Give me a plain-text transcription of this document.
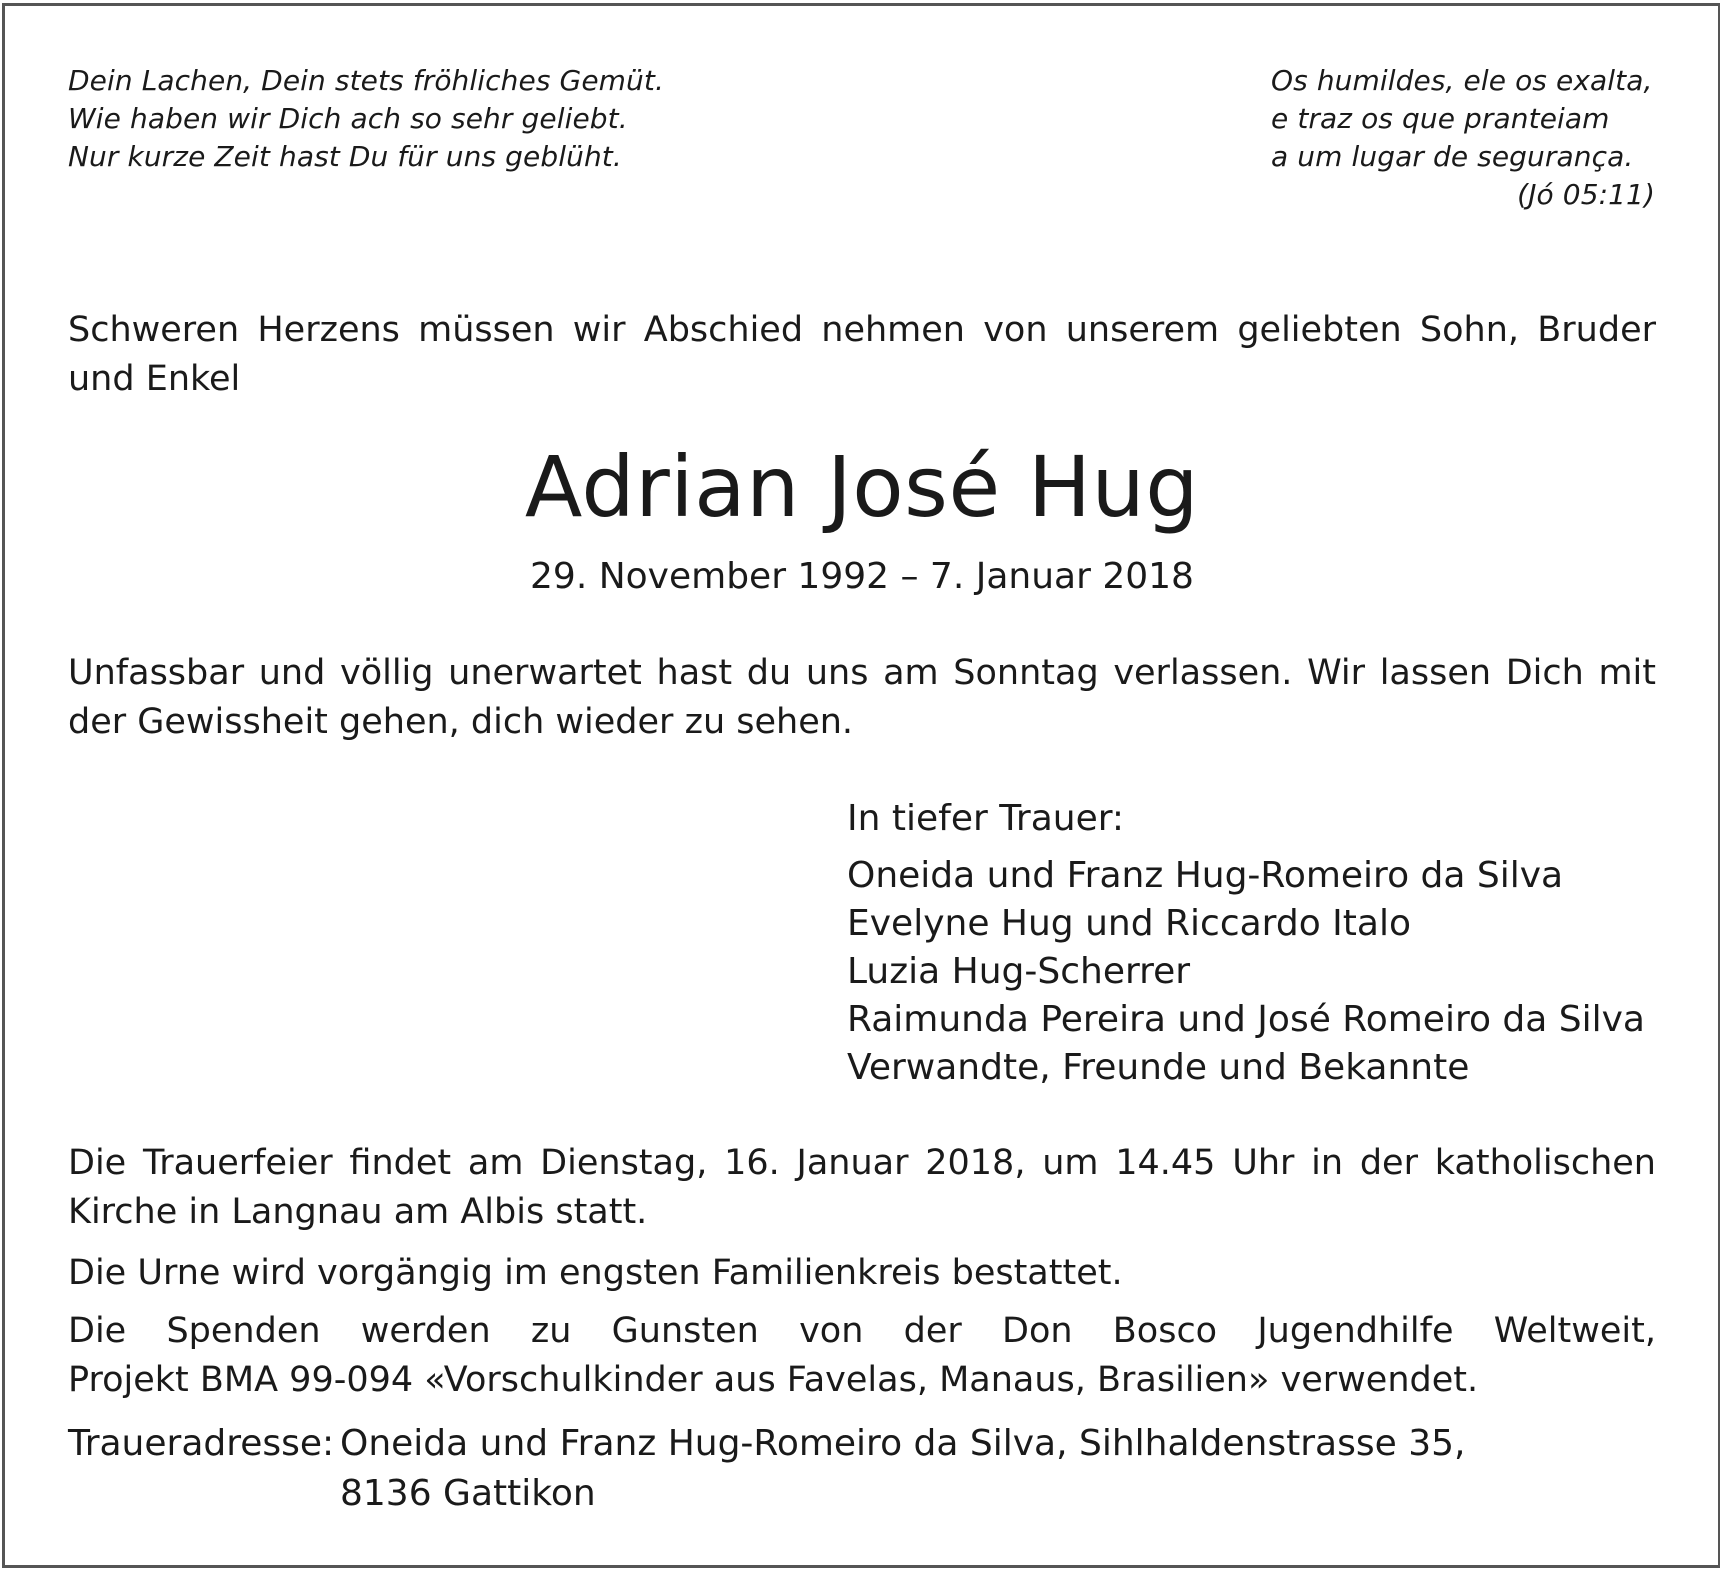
Dein Lachen, Dein stets fröhliches Gemüt.
Wie haben wir Dich ach so sehr geliebt.
Nur kurze Zeit hast Du für uns geblüht.
Os humildes, ele os exalta,
e traz os que pranteiam
a um lugar de segurança.
(Jó 05:11)
Schweren Herzens müssen wir Abschied nehmen von unserem geliebten Sohn, Bruder
und Enkel
Adrian José Hug
29. November 1992 – 7. Januar 2018
Unfassbar und völlig unerwartet hast du uns am Sonntag verlassen. Wir lassen Dich mit
der Gewissheit gehen, dich wieder zu sehen.
In tiefer Trauer:
Oneida und Franz Hug-Romeiro da Silva
Evelyne Hug und Riccardo Italo
Luzia Hug-Scherrer
Raimunda Pereira und José Romeiro da Silva
Verwandte, Freunde und Bekannte
Die Trauerfeier findet am Dienstag, 16. Januar 2018, um 14.45 Uhr in der katholischen
Kirche in Langnau am Albis statt.
Die Urne wird vorgängig im engsten Familienkreis bestattet.
Die Spenden werden zu Gunsten von der Don Bosco Jugendhilfe Weltweit,
Projekt BMA 99-094 «Vorschulkinder aus Favelas, Manaus, Brasilien» verwendet.
Traueradresse: Oneida und Franz Hug-Romeiro da Silva, Sihlhaldenstrasse 35,
8136 Gattikon
